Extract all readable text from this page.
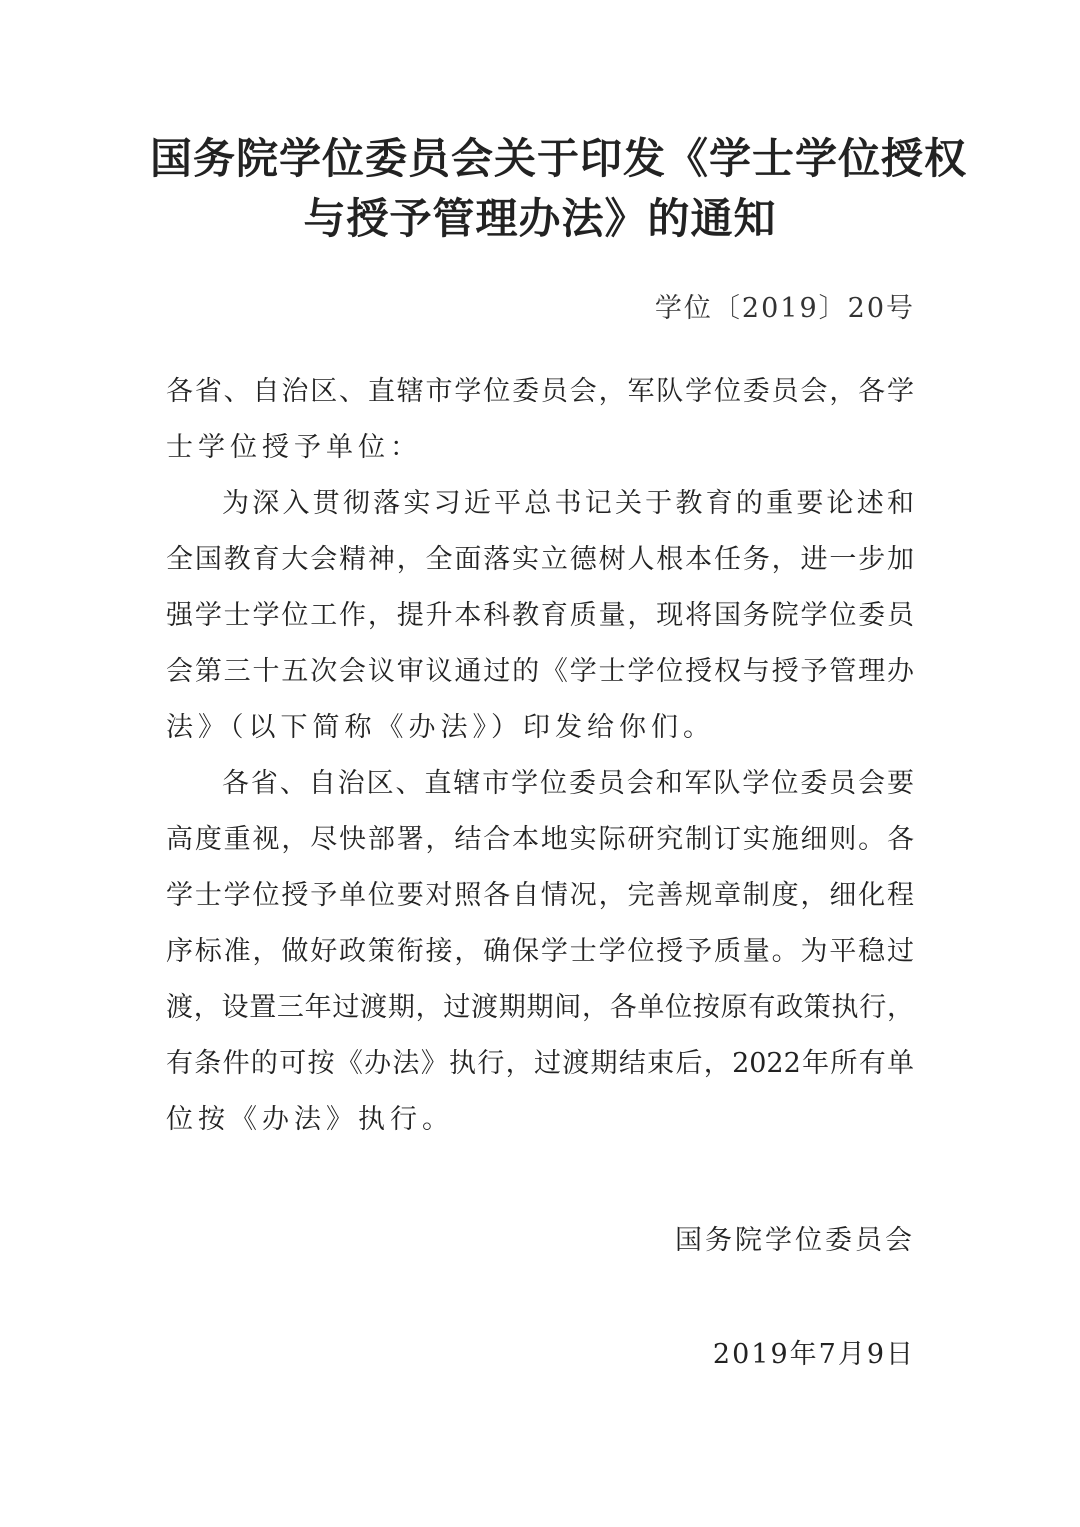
国务院学位委员会关于印发《学士学位授权
与授予管理办法》的通知
学位〔2019〕20号
各省、自治区、直辖市学位委员会，军队学位委员会，各学
士学位授予单位：
为深入贯彻落实习近平总书记关于教育的重要论述和
全国教育大会精神，全面落实立德树人根本任务，进一步加
强学士学位工作，提升本科教育质量，现将国务院学位委员
会第三十五次会议审议通过的《学士学位授权与授予管理办
法》（以下简称《办法》）印发给你们。
各省、自治区、直辖市学位委员会和军队学位委员会要
高度重视，尽快部署，结合本地实际研究制订实施细则。各
学士学位授予单位要对照各自情况，完善规章制度，细化程
序标准，做好政策衔接，确保学士学位授予质量。为平稳过
渡，设置三年过渡期，过渡期期间，各单位按原有政策执行，
有条件的可按《办法》执行，过渡期结束后，2022年所有单
位按《办法》执行。
国务院学位委员会
2019年7月9日
